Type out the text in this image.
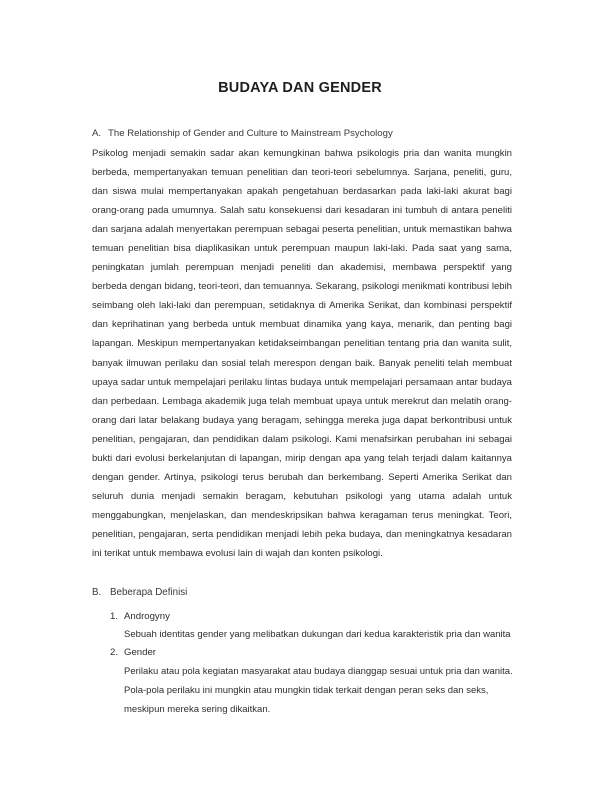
BUDAYA DAN GENDER
A. The Relationship of Gender and Culture to Mainstream Psychology

Psikolog menjadi semakin sadar akan kemungkinan bahwa psikologis pria dan wanita mungkin berbeda, mempertanyakan temuan penelitian dan teori-teori sebelumnya. Sarjana, peneliti, guru, dan siswa mulai mempertanyakan apakah pengetahuan berdasarkan pada laki-laki akurat bagi orang-orang pada umumnya. Salah satu konsekuensi dari kesadaran ini tumbuh di antara peneliti dan sarjana adalah menyertakan perempuan sebagai peserta penelitian, untuk memastikan bahwa temuan penelitian bisa diaplikasikan untuk perempuan maupun laki-laki. Pada saat yang sama, peningkatan jumlah perempuan menjadi peneliti dan akademisi, membawa perspektif yang berbeda dengan bidang, teori-teori, dan temuannya. Sekarang, psikologi menikmati kontribusi lebih seimbang oleh laki-laki dan perempuan, setidaknya di Amerika Serikat, dan kombinasi perspektif dan keprihatinan yang berbeda untuk membuat dinamika yang kaya, menarik, dan penting bagi lapangan. Meskipun mempertanyakan ketidakseimbangan penelitian tentang pria dan wanita sulit, banyak ilmuwan perilaku dan sosial telah merespon dengan baik. Banyak peneliti telah membuat upaya sadar untuk mempelajari perilaku lintas budaya untuk mempelajari persamaan antar budaya dan perbedaan. Lembaga akademik juga telah membuat upaya untuk merekrut dan melatih orang-orang dari latar belakang budaya yang beragam, sehingga mereka juga dapat berkontribusi untuk penelitian, pengajaran, dan pendidikan dalam psikologi. Kami menafsirkan perubahan ini sebagai bukti dari evolusi berkelanjutan di lapangan, mirip dengan apa yang telah terjadi dalam kaitannya dengan gender. Artinya, psikologi terus berubah dan berkembang. Seperti Amerika Serikat dan seluruh dunia menjadi semakin beragam, kebutuhan psikologi yang utama adalah untuk menggabungkan, menjelaskan, dan mendeskripsikan bahwa keragaman terus meningkat. Teori, penelitian, pengajaran, serta pendidikan menjadi lebih peka budaya, dan meningkatnya kesadaran ini terikat untuk membawa evolusi lain di wajah dan konten psikologi.

B. Beberapa Definisi
1. Androgyny
Sebuah identitas gender yang melibatkan dukungan dari kedua karakteristik pria dan wanita
2. Gender
Perilaku atau pola kegiatan masyarakat atau budaya dianggap sesuai untuk pria dan wanita. Pola-pola perilaku ini mungkin atau mungkin tidak terkait dengan peran seks dan seks, meskipun mereka sering dikaitkan.
